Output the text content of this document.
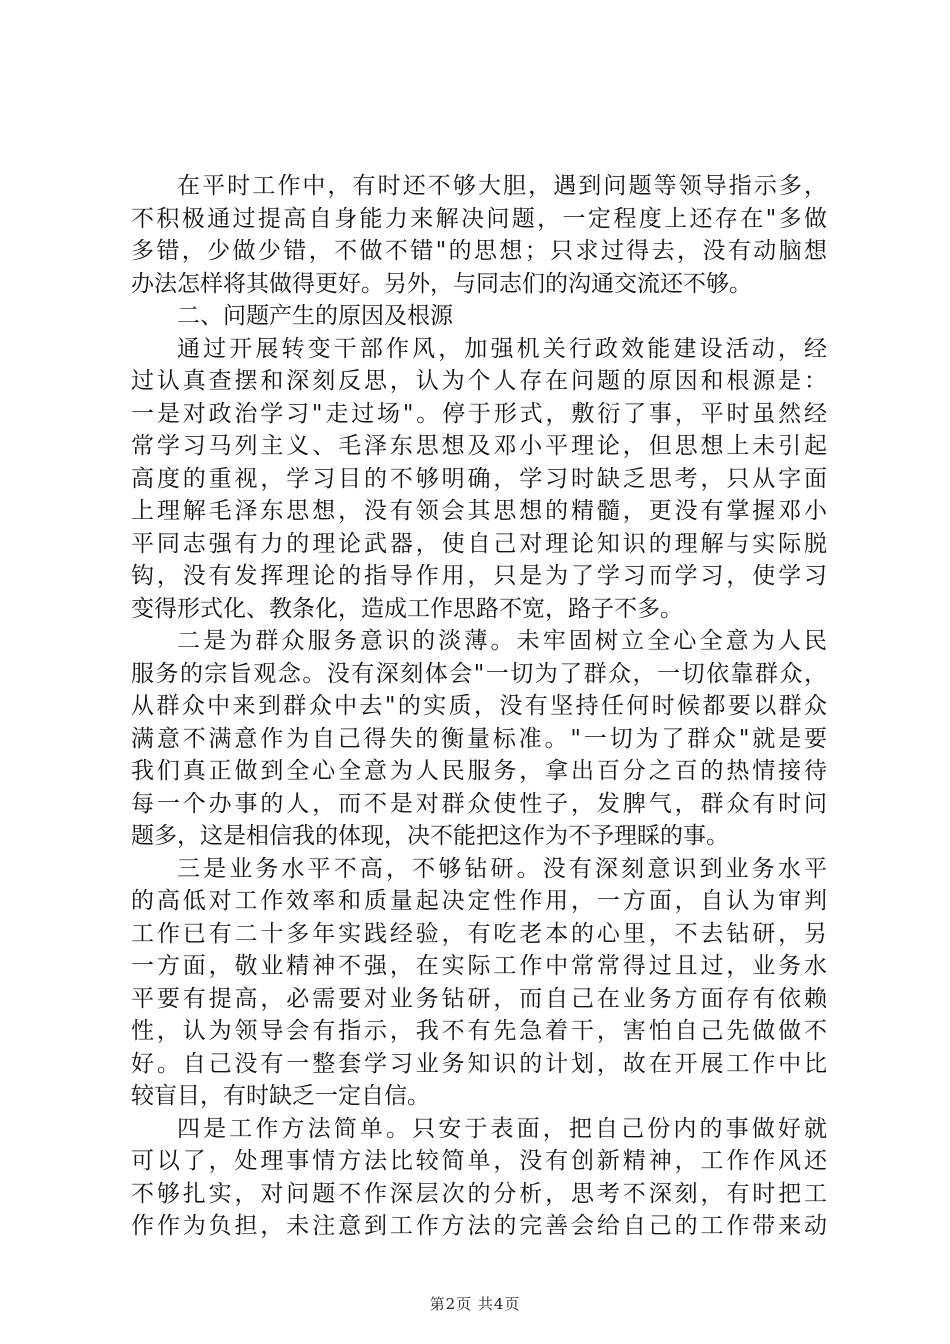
在平时工作中，有时还不够大胆，遇到问题等领导指示多，
不积极通过提高自身能力来解决问题，一定程度上还存在"多做
多错，少做少错，不做不错"的思想；只求过得去，没有动脑想
办法怎样将其做得更好。另外，与同志们的沟通交流还不够。
二、问题产生的原因及根源
通过开展转变干部作风，加强机关行政效能建设活动，经
过认真查摆和深刻反思，认为个人存在问题的原因和根源是：
一是对政治学习"走过场"。停于形式，敷衍了事，平时虽然经
常学习马列主义、毛泽东思想及邓小平理论，但思想上未引起
高度的重视，学习目的不够明确，学习时缺乏思考，只从字面
上理解毛泽东思想，没有领会其思想的精髓，更没有掌握邓小
平同志强有力的理论武器，使自己对理论知识的理解与实际脱
钩，没有发挥理论的指导作用，只是为了学习而学习，使学习
变得形式化、教条化，造成工作思路不宽，路子不多。
二是为群众服务意识的淡薄。未牢固树立全心全意为人民
服务的宗旨观念。没有深刻体会"一切为了群众，一切依靠群众，
从群众中来到群众中去"的实质，没有坚持任何时候都要以群众
满意不满意作为自己得失的衡量标准。"一切为了群众"就是要
我们真正做到全心全意为人民服务，拿出百分之百的热情接待
每一个办事的人，而不是对群众使性子，发脾气，群众有时问
题多，这是相信我的体现，决不能把这作为不予理睬的事。
三是业务水平不高，不够钻研。没有深刻意识到业务水平
的高低对工作效率和质量起决定性作用，一方面，自认为审判
工作已有二十多年实践经验，有吃老本的心里，不去钻研，另
一方面，敬业精神不强，在实际工作中常常得过且过，业务水
平要有提高，必需要对业务钻研，而自己在业务方面存有依赖
性，认为领导会有指示，我不有先急着干，害怕自己先做做不
好。自己没有一整套学习业务知识的计划，故在开展工作中比
较盲目，有时缺乏一定自信。
四是工作方法简单。只安于表面，把自己份内的事做好就
可以了，处理事情方法比较简单，没有创新精神，工作作风还
不够扎实，对问题不作深层次的分析，思考不深刻，有时把工
作作为负担，未注意到工作方法的完善会给自己的工作带来动
第2页 共4页
